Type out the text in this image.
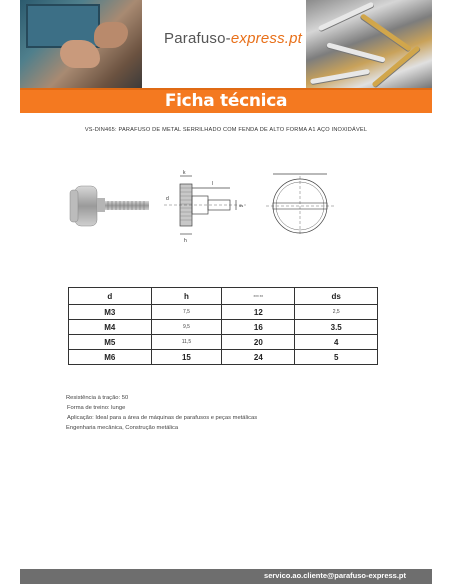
Parafuso-express.pt
Ficha técnica
VS-DIN465: PARAFUSO DE METAL SERRILHADO COM FENDA DE ALTO FORMA A1 AÇO INOXIDÁVEL
k
l
h
d
ds
d	h	xxx xx	ds
M3	7,5	12	2,5
M4	9,5	16	3.5
M5	11,5	20	4
M6	15	24	5
Resistência à tração: 50
Forma de treino: lunge
Aplicação: Ideal para a área de máquinas de parafusos e peças metálicas
Engenharia mecânica, Construção metálica
servico.ao.cliente@parafuso-express.pt
